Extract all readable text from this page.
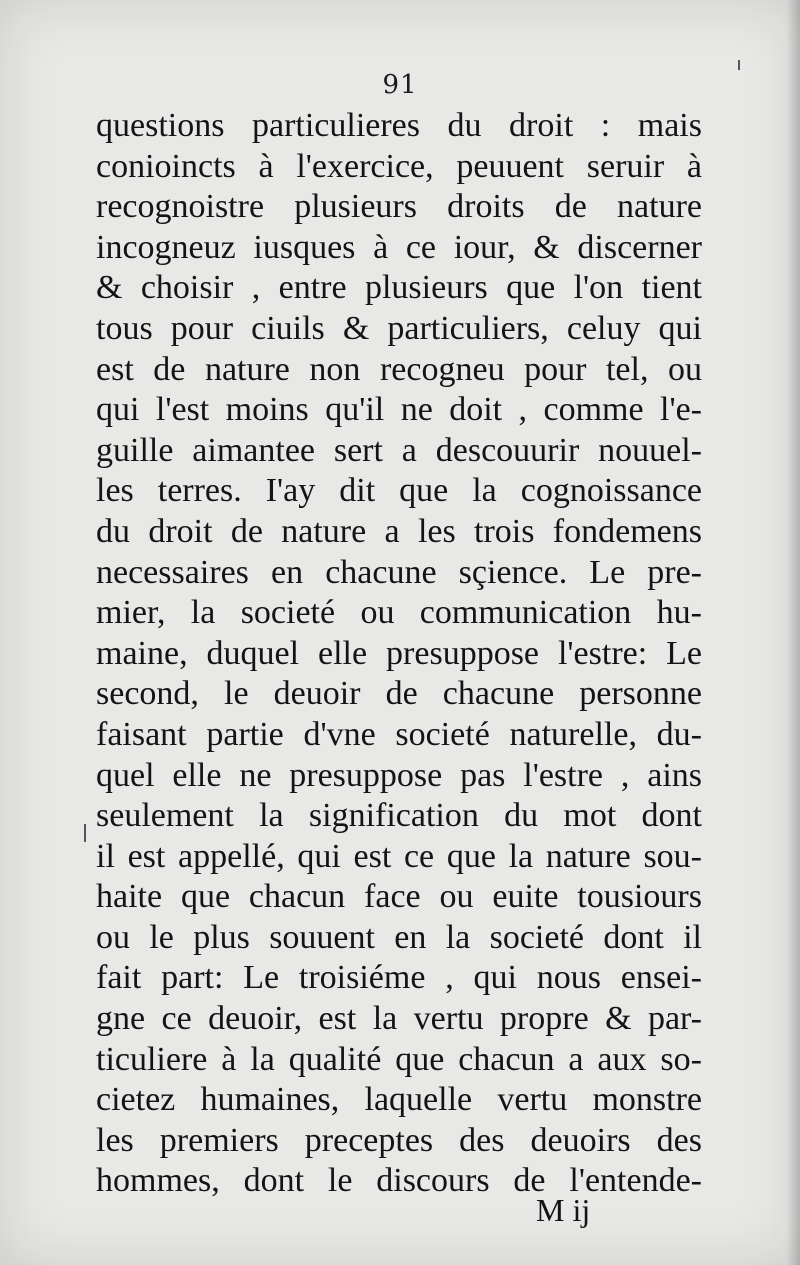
91
questions particulieres du droit : mais
conioincts à l'exercice, peuuent seruir à
recognoistre plusieurs droits de nature
incogneuz iusques à ce iour, & discerner
& choisir , entre plusieurs que l'on tient
tous pour ciuils & particuliers, celuy qui
est de nature non recogneu pour tel, ou
qui l'est moins qu'il ne doit , comme l'e-
guille aimantee sert a descouurir nouuel-
les terres. I'ay dit que la cognoissance
du droit de nature a les trois fondemens
necessaires en chacune sçience. Le pre-
mier, la societé ou communication hu-
maine, duquel elle presuppose l'estre: Le
second, le deuoir de chacune personne
faisant partie d'vne societé naturelle, du-
quel elle ne presuppose pas l'estre , ains
seulement la signification du mot dont
il est appellé, qui est ce que la nature sou-
haite que chacun face ou euite tousiours
ou le plus souuent en la societé dont il
fait part: Le troisiéme , qui nous ensei-
gne ce deuoir, est la vertu propre & par-
ticuliere à la qualité que chacun a aux so-
cietez humaines, laquelle vertu monstre
les premiers preceptes des deuoirs des
hommes, dont le discours de l'entende-
M ij
